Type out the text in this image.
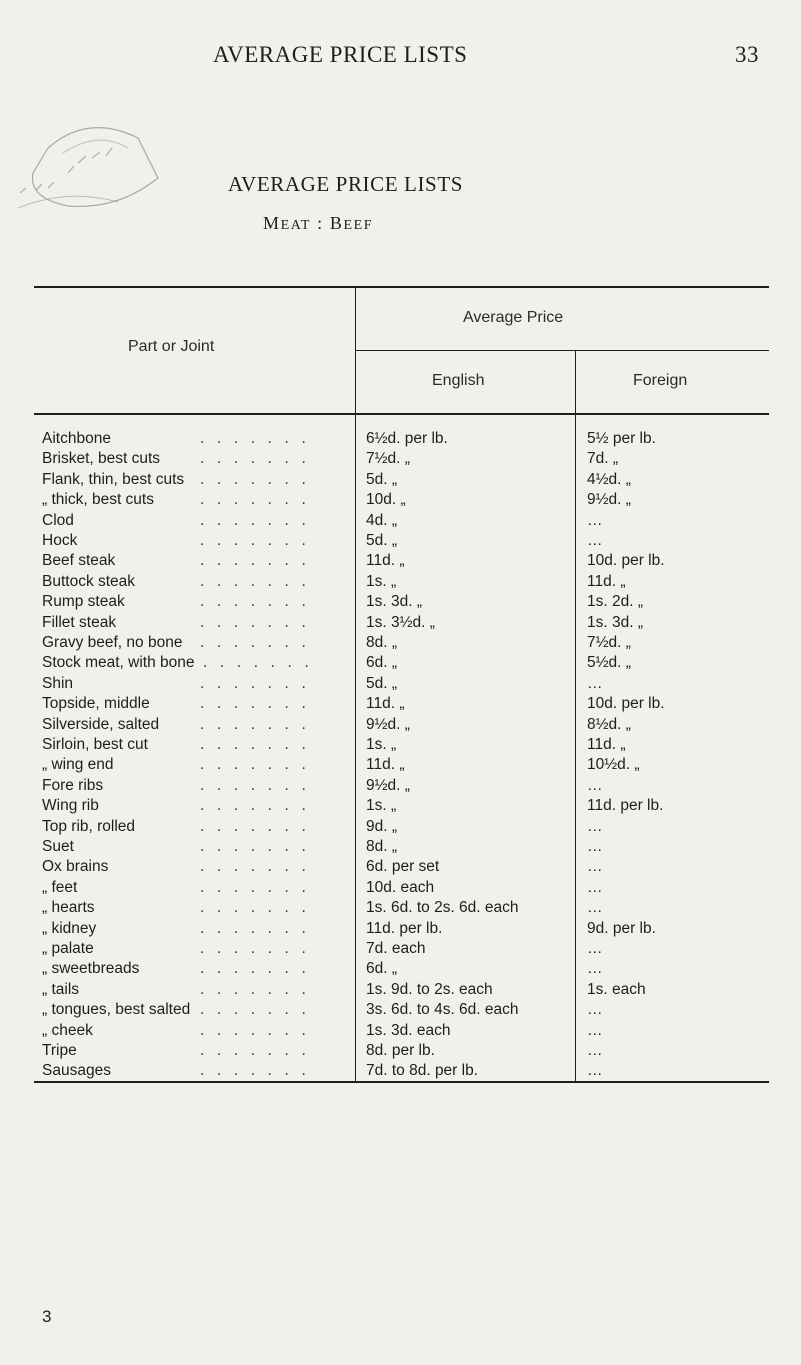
AVERAGE PRICE LISTS	33
AVERAGE PRICE LISTS
MEAT : BEEF
Part or Joint
Average Price
English	Foreign
Aitchbone	.......	6½d. per lb.	5½ per lb.
Brisket, best cuts	.......	7½d. „	7d. „
Flank, thin, best cuts .......	5d. „	4½d. „
„ thick, best cuts	.......	10d. „	9½d. „
Clod	.......	4d. „	…
Hock	.......	5d. „	…
Beef steak	.......	11d. „	10d. per lb.
Buttock steak	.......	1s. „	11d. „
Rump steak	.......	1s. 3d. „	1s. 2d. „
Fillet steak	.......	1s. 3½d. „	1s. 3d. „
Gravy beef, no bone .......	8d. „	7½d. „
Stock meat, with bone .......	6d. „	5½d. „
Shin	.......	5d. „	…
Topside, middle	.......	11d. „	10d. per lb.
Silverside, salted	.......	9½d. „	8½d. „
Sirloin, best cut	.......	1s. „	11d. „
„ wing end	.......	11d. „	10½d. „
Fore ribs	.......	9½d. „	…
Wing rib	.......	1s. „	11d. per lb.
Top rib, rolled	.......	9d. „	…
Suet	.......	8d. „	…
Ox brains	.......	6d. per set	…
„ feet	.......	10d. each	…
„ hearts	.......	1s. 6d. to 2s. 6d. each	…
„ kidney	.......	11d. per lb.	9d. per lb.
„ palate	.......	7d. each	…
„ sweetbreads	.......	6d. „	…
„ tails	.......	1s. 9d. to 2s. each	1s. each
„ tongues, best salted .......	3s. 6d. to 4s. 6d. each	…
„ cheek	.......	1s. 3d. each	…
Tripe	.......	8d. per lb.	…
Sausages	.......	7d. to 8d. per lb.	…
3
